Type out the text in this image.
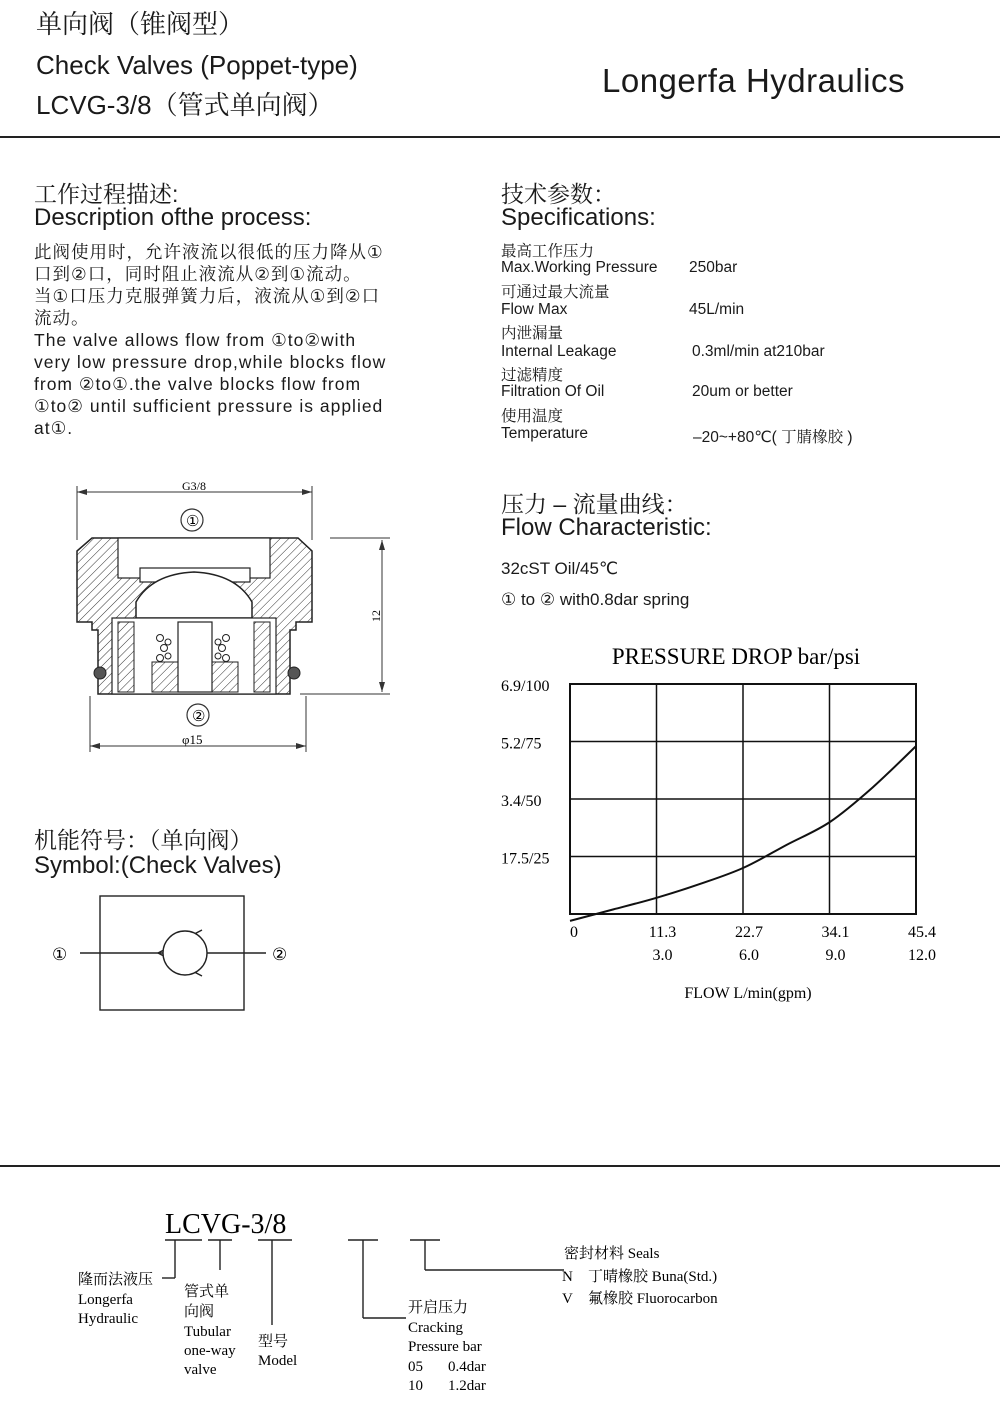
单向阀（锥阀型）
Check Valves (Poppet-type)
LCVG-3/8（管式单向阀）
Longerfa Hydraulics
工作过程描述:
Description ofthe process:
此阀使用时，允许液流以很低的压力降从①
口到②口，同时阻止液流从②到①流动。
当①口压力克服弹簧力后，液流从①到②口
流动。
The valve allows flow from ①to②with
very low pressure drop,while blocks flow
from ②to①.the valve blocks flow from
①to② until sufficient pressure is applied
at①.
技术参数：
Specifications:
最高工作压力
Max.Working Pressure 250bar
可通过最大流量
Flow Max	45L/min
内泄漏量
Internal Leakage	0.3ml/min at210bar
过滤精度
Filtration Of Oil	20um or better
使用温度
Temperature	–20~+80℃( 丁腈橡胶 )
G3/8
①
12
②
φ15
机能符号：（单向阀）
Symbol:(Check Valves)
①	②
压力 – 流量曲线：
Flow Characteristic:
32cST Oil/45℃
① to ② with0.8dar spring
PRESSURE DROP bar/psi
17.5/25
3.4/50
5.2/75
6.9/100
0	11.3
3.0
22.7
6.0
34.1
9.0
45.4
12.0
FLOW L/min(gpm)
LCVG-3/8
隆而法液压
Longerfa
Hydraulic
管式单
向阀
Tubular
one-way
valve
型号
Model
开启压力
Cracking
Pressure bar
05 0.4dar
10 1.2dar
密封材料 Seals
N 丁晴橡胶 Buna(Std.)
V 氟橡胶 Fluorocarbon
